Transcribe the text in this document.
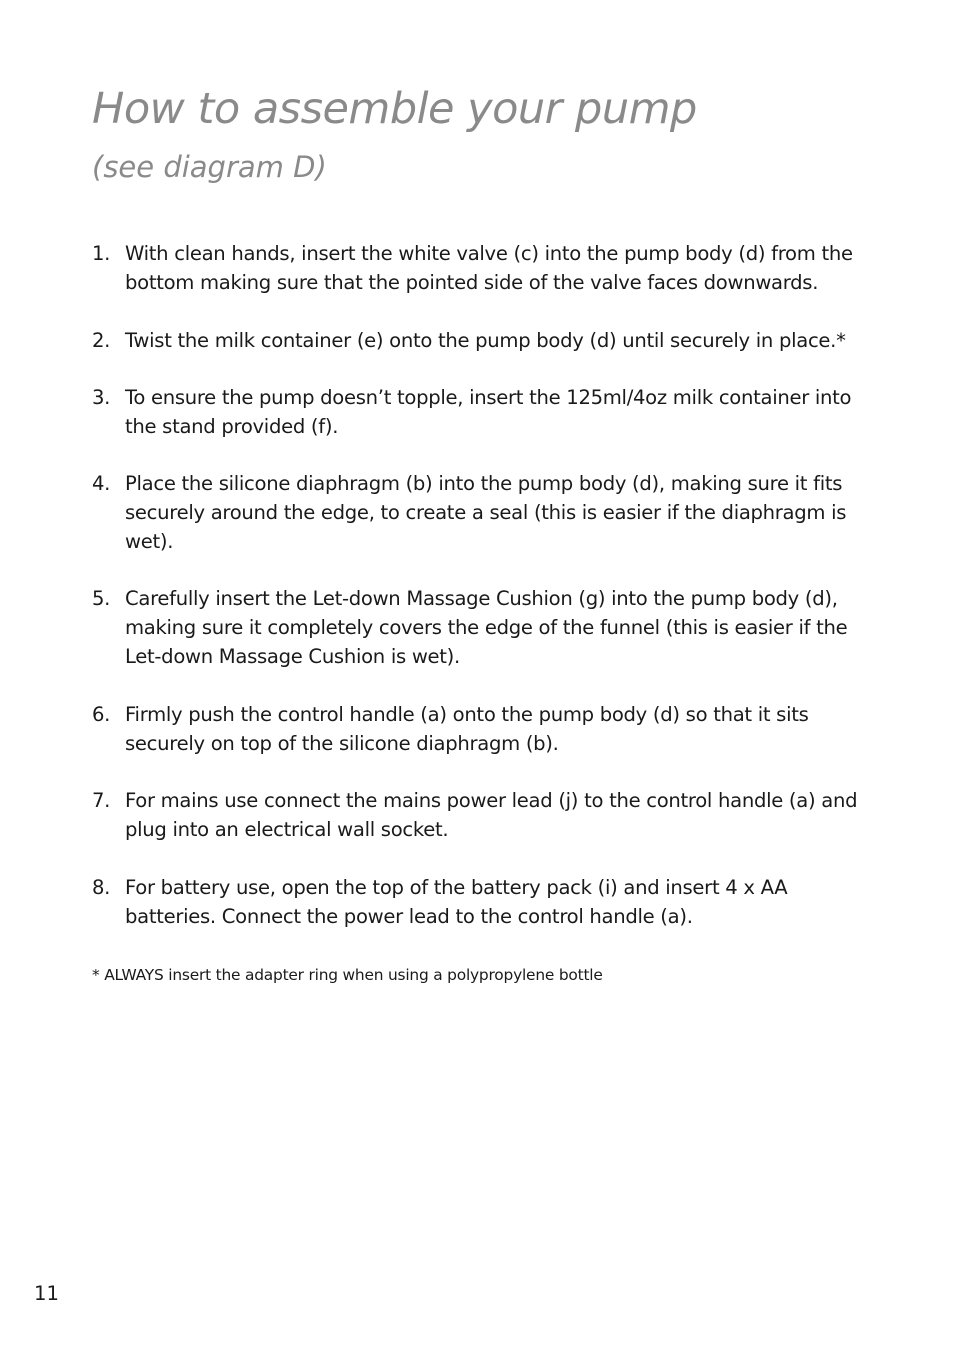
How to assemble your pump
(see diagram D)
1. With clean hands, insert the white valve (c) into the pump body (d) from the bottom making sure that the pointed side of the valve faces downwards.
2. Twist the milk container (e) onto the pump body (d) until securely in place.*
3. To ensure the pump doesn’t topple, insert the 125ml/4oz milk container into the stand provided (f).
4. Place the silicone diaphragm (b) into the pump body (d), making sure it fits securely around the edge, to create a seal (this is easier if the diaphragm is wet).
5. Carefully insert the Let-down Massage Cushion (g) into the pump body (d), making sure it completely covers the edge of the funnel (this is easier if the Let-down Massage Cushion is wet).
6. Firmly push the control handle (a) onto the pump body (d) so that it sits securely on top of the silicone diaphragm (b).
7. For mains use connect the mains power lead (j) to the control handle (a) and plug into an electrical wall socket.
8. For battery use, open the top of the battery pack (i) and insert 4 x AA batteries. Connect the power lead to the control handle (a).

* ALWAYS insert the adapter ring when using a polypropylene bottle

11
